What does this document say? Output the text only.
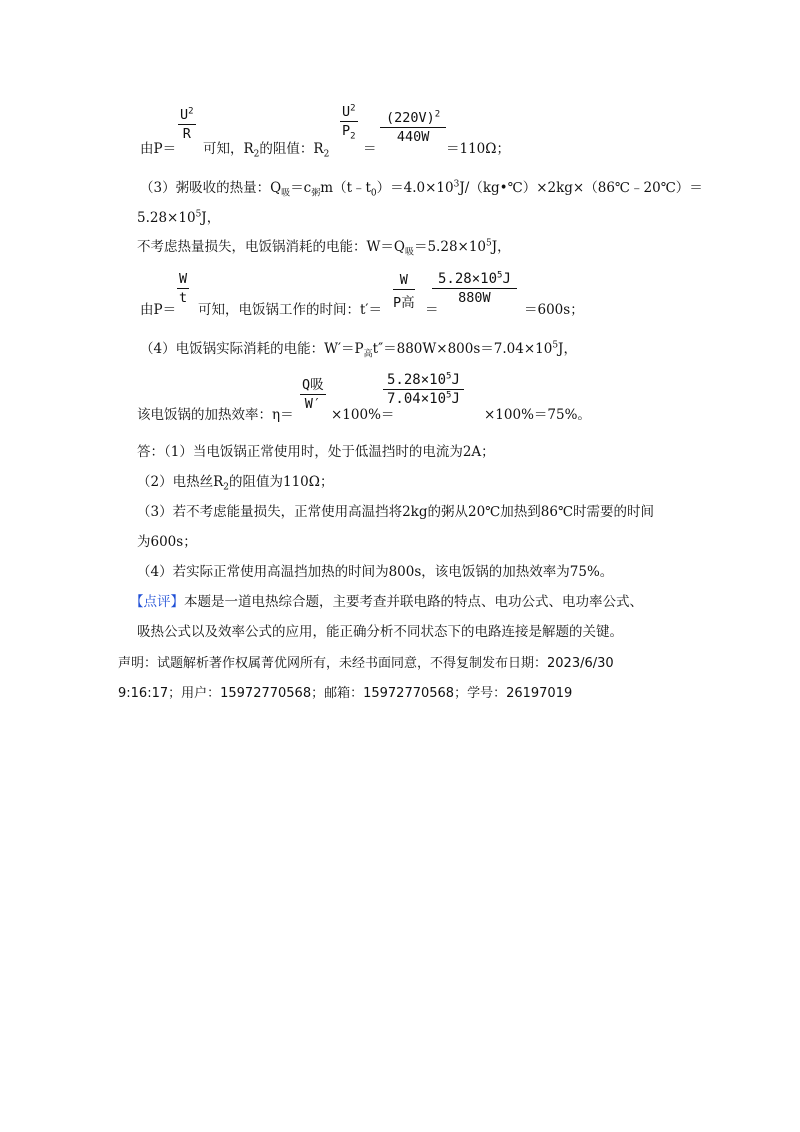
由P＝
$U^2$
R
可知，$R_2$的阻值：$R_2$
$U^2$
$P_2$
＝
$(220V)^2$
440W
＝110Ω；
（3）粥吸收的热量：$Q_吸=c_粥m(t﹣t_0)=4.0\times 10^3J/(kg•℃)\times 2kg\times(86℃﹣20℃)=$
$5.28\times 10^5J$，
不考虑热量损失，电饭锅消耗的电能：$W=Q_吸=5.28\times 10^5J$，
由P＝
W
t
可知，电饭锅工作的时间：t′＝
W
P高 ＝
$5.28\times 10^5J$
880W
＝600s；
（4）电饭锅实际消耗的电能：$W'=P_高t''=880W\times 800s=7.04\times 10^5J$，
该电饭锅的加热效率：η＝
Q吸
W′
×100%＝
$5.28\times 10^5J$
$7.04\times 10^5J$
×100%＝75%。
答：（1）当电饭锅正常使用时，处于低温挡时的电流为2A；
（2）电热丝$R_2$的阻值为110Ω；
（3）若不考虑能量损失，正常使用高温挡将2kg的粥从20℃加热到86℃时需要的时间
为600s；
（4）若实际正常使用高温挡加热的时间为800s，该电饭锅的加热效率为75%。
【点评】本题是一道电热综合题，主要考查并联电路的特点、电功公式、电功率公式、
吸热公式以及效率公式的应用，能正确分析不同状态下的电路连接是解题的关键。
声明：试题解析著作权属菁优网所有，未经书面同意，不得复制发布日期：2023/6/30
9:16:17；用户：15972770568；邮箱：15972770568；学号：26197019
